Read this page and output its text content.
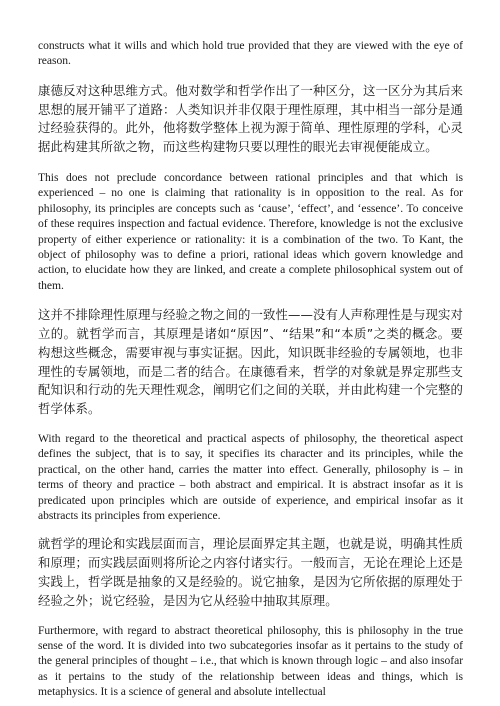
constructs what it wills and which hold true provided that they are viewed with the eye of reason.

康德反对这种思维方式。他对数学和哲学作出了一种区分，这一区分为其后来思想的展开铺平了道路：人类知识并非仅限于理性原理，其中相当一部分是通过经验获得的。此外，他将数学整体上视为源于简单、理性原理的学科，心灵据此构建其所欲之物，而这些构建物只要以理性的眼光去审视便能成立。

This does not preclude concordance between rational principles and that which is experienced – no one is claiming that rationality is in opposition to the real. As for philosophy, its principles are concepts such as ‘cause’, ‘effect’, and ‘essence’. To conceive of these requires inspection and factual evidence. Therefore, knowledge is not the exclusive property of either experience or rationality: it is a combination of the two. To Kant, the object of philosophy was to define a priori, rational ideas which govern knowledge and action, to elucidate how they are linked, and create a complete philosophical system out of them.

这并不排除理性原理与经验之物之间的一致性——没有人声称理性是与现实对立的。就哲学而言，其原理是诸如“原因”、“结果”和“本质”之类的概念。要构想这些概念，需要审视与事实证据。因此，知识既非经验的专属领地，也非理性的专属领地，而是二者的结合。在康德看来，哲学的对象就是界定那些支配知识和行动的先天理性观念，阐明它们之间的关联，并由此构建一个完整的哲学体系。

With regard to the theoretical and practical aspects of philosophy, the theoretical aspect defines the subject, that is to say, it specifies its character and its principles, while the practical, on the other hand, carries the matter into effect. Generally, philosophy is – in terms of theory and practice – both abstract and empirical. It is abstract insofar as it is predicated upon principles which are outside of experience, and empirical insofar as it abstracts its principles from experience.

就哲学的理论和实践层面而言，理论层面界定其主题，也就是说，明确其性质和原理；而实践层面则将所论之内容付诸实行。一般而言，无论在理论上还是实践上，哲学既是抽象的又是经验的。说它抽象，是因为它所依据的原理处于经验之外；说它经验，是因为它从经验中抽取其原理。

Furthermore, with regard to abstract theoretical philosophy, this is philosophy in the true sense of the word. It is divided into two subcategories insofar as it pertains to the study of the general principles of thought – i.e., that which is known through logic – and also insofar as it pertains to the study of the relationship between ideas and things, which is metaphysics. It is a science of general and absolute intellectual
